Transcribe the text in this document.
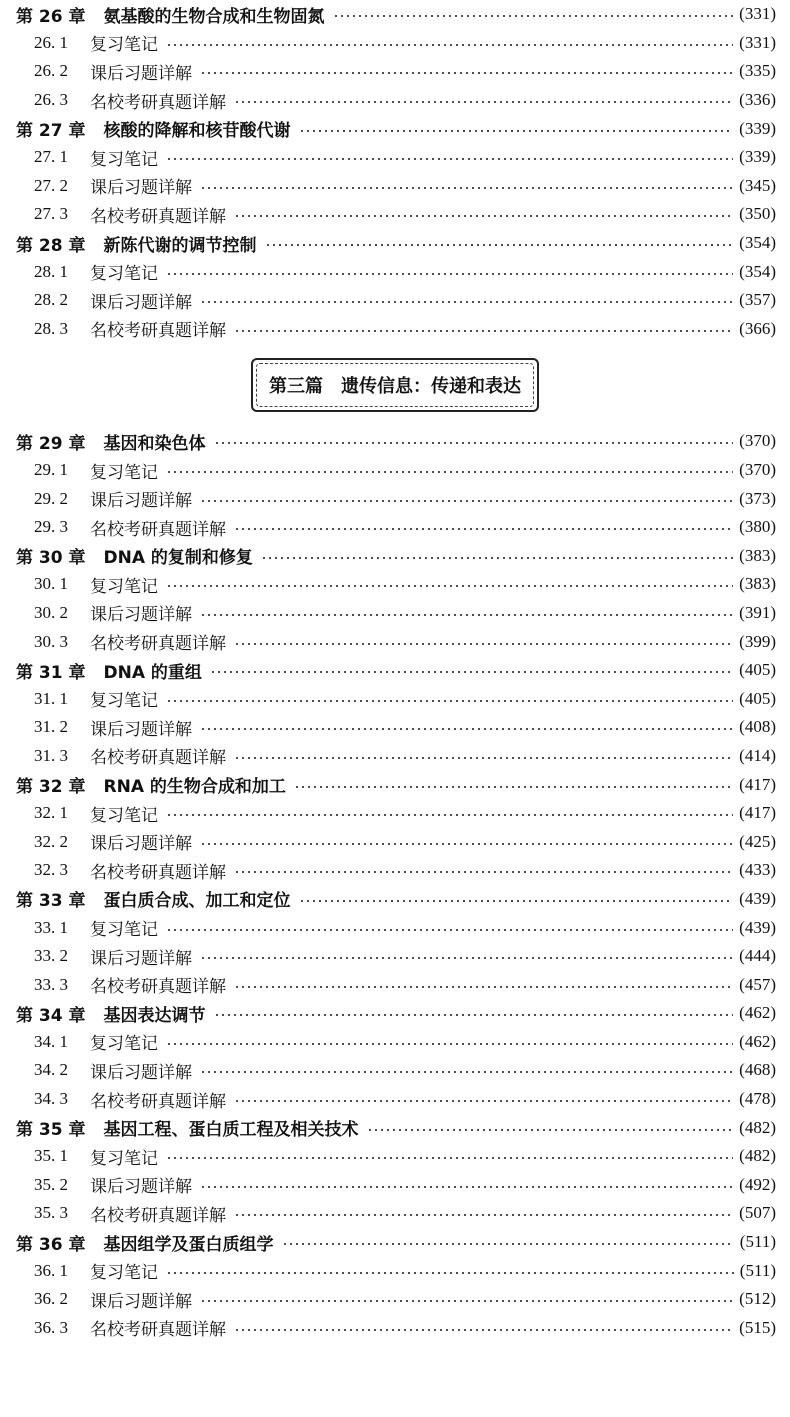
第 26 章 氨基酸的生物合成和生物固氮	(331)
26. 1	复习笔记	(331)
26. 2	课后习题详解	(335)
26. 3	名校考研真题详解	(336)
第 27 章 核酸的降解和核苷酸代谢	(339)
27. 1	复习笔记	(339)
27. 2	课后习题详解	(345)
27. 3	名校考研真题详解	(350)
第 28 章 新陈代谢的调节控制	(354)
28. 1	复习笔记	(354)
28. 2	课后习题详解	(357)
28. 3	名校考研真题详解	(366)
第三篇　遗传信息：传递和表达
第 29 章 基因和染色体	(370)
29. 1	复习笔记	(370)
29. 2	课后习题详解	(373)
29. 3	名校考研真题详解	(380)
第 30 章 DNA 的复制和修复	(383)
30. 1	复习笔记	(383)
30. 2	课后习题详解	(391)
30. 3	名校考研真题详解	(399)
第 31 章 DNA 的重组	(405)
31. 1	复习笔记	(405)
31. 2	课后习题详解	(408)
31. 3	名校考研真题详解	(414)
第 32 章 RNA 的生物合成和加工	(417)
32. 1	复习笔记	(417)
32. 2	课后习题详解	(425)
32. 3	名校考研真题详解	(433)
第 33 章 蛋白质合成、加工和定位	(439)
33. 1	复习笔记	(439)
33. 2	课后习题详解	(444)
33. 3	名校考研真题详解	(457)
第 34 章 基因表达调节	(462)
34. 1	复习笔记	(462)
34. 2	课后习题详解	(468)
34. 3	名校考研真题详解	(478)
第 35 章 基因工程、蛋白质工程及相关技术	(482)
35. 1	复习笔记	(482)
35. 2	课后习题详解	(492)
35. 3	名校考研真题详解	(507)
第 36 章 基因组学及蛋白质组学	(511)
36. 1	复习笔记	(511)
36. 2	课后习题详解	(512)
36. 3	名校考研真题详解	(515)
